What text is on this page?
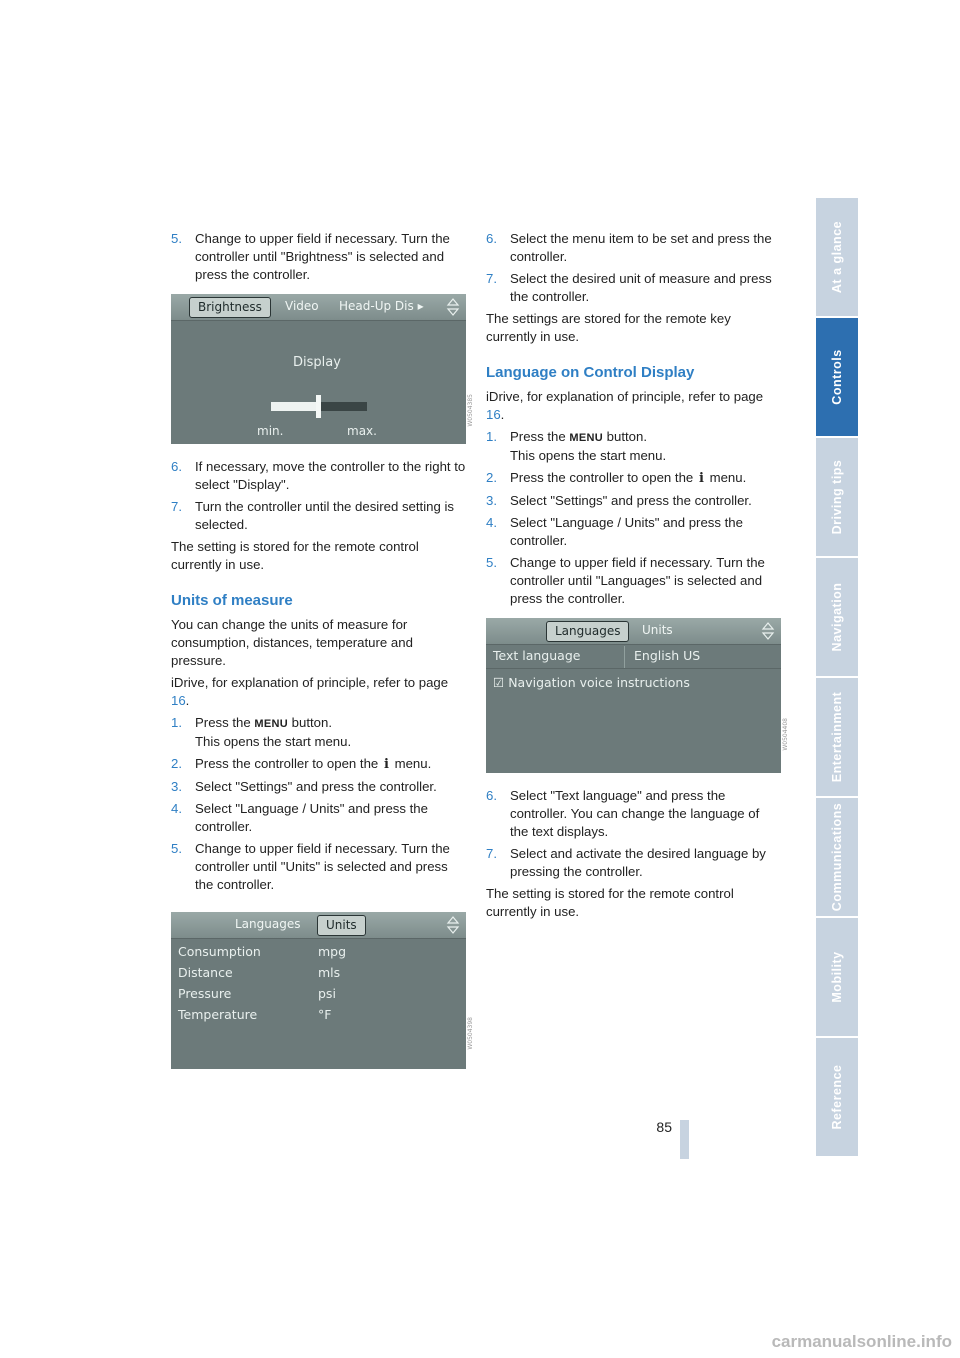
5. Change to upper field if necessary. Turn the controller until "Brightness" is selected and press the controller.
Brightness	Video	Head-Up Dis ▸
Display
min.	max.
W0504385
6. If necessary, move the controller to the right to select "Display".
7. Turn the controller until the desired setting is selected.

The setting is stored for the remote control currently in use.

Units of measure

You can change the units of measure for consumption, distances, temperature and pressure.

iDrive, for explanation of principle, refer to page 16.

1. Press the MENU button.
This opens the start menu.
2. Press the controller to open the i menu.
3. Select "Settings" and press the controller.
4. Select "Language / Units" and press the controller.
5. Change to upper field if necessary. Turn the controller until "Units" is selected and press the controller.
Languages	Units
Consumption	mpg
Distance	mls
Pressure	psi
Temperature	°F
W0504398
6. Select the menu item to be set and press the controller.
7. Select the desired unit of measure and press the controller.

The settings are stored for the remote key currently in use.

Language on Control Display

iDrive, for explanation of principle, refer to page 16.

1. Press the MENU button.
This opens the start menu.
2. Press the controller to open the i menu.
3. Select "Settings" and press the controller.
4. Select "Language / Units" and press the controller.
5. Change to upper field if necessary. Turn the controller until "Languages" is selected and press the controller.
Languages	Units
Text language	English US
☑ Navigation voice instructions
W0504408
6. Select "Text language" and press the controller. You can change the language of the text displays.
7. Select and activate the desired language by pressing the controller.

The setting is stored for the remote control currently in use.

At a glance
Controls
Driving tips
Navigation
Entertainment
Communications
Mobility
Reference
85
carmanualsonline.info
